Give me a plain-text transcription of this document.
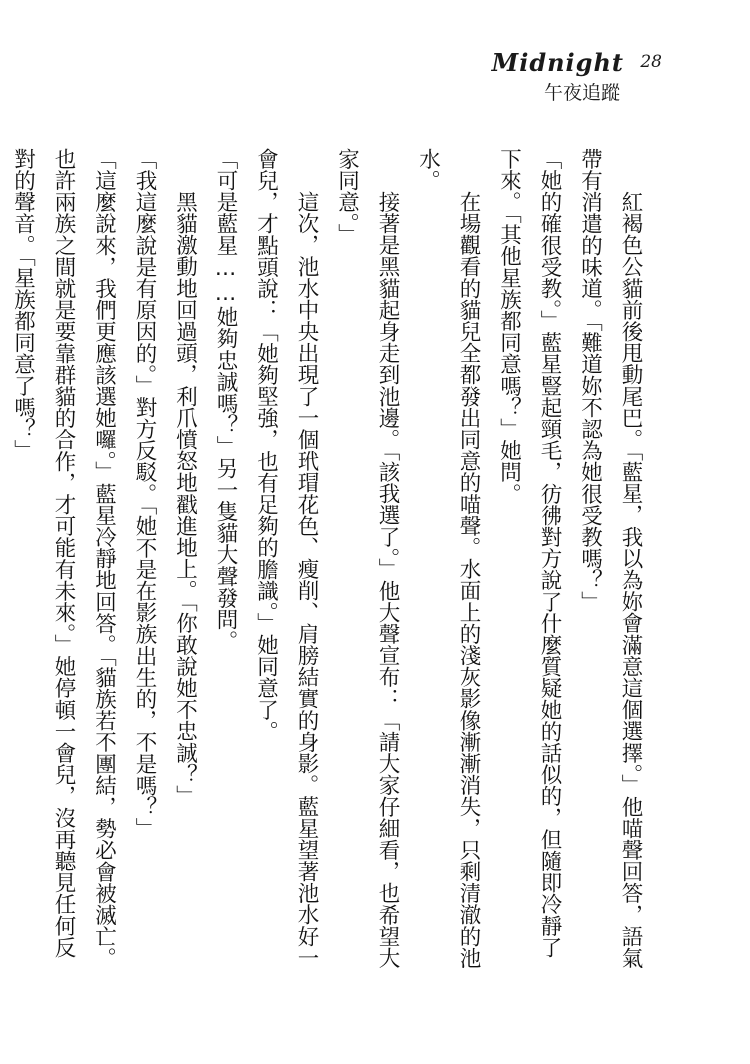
Midnight 28
午夜追蹤

紅褐色公貓前後甩動尾巴。「藍星，我以為妳會滿意這個選擇。」他喵聲回答，語氣帶有消遣的味道。「難道妳不認為她很受教嗎？」

「她的確很受教。」藍星豎起頸毛，彷彿對方說了什麼質疑她的話似的，但隨即冷靜了下來。「其他星族都同意嗎？」她問。

在場觀看的貓兒全都發出同意的喵聲。水面上的淺灰影像漸漸消失，只剩清澈的池水。

接著是黑貓起身走到池邊。「該我選了。」他大聲宣布：「請大家仔細看，也希望大家同意。」

這次，池水中央出現了一個玳瑁花色、瘦削、肩膀結實的身影。藍星望著池水好一會兒，才點頭說：「她夠堅強，也有足夠的膽識。」她同意了。

「可是藍星……她夠忠誠嗎？」另一隻貓大聲發問。

黑貓激動地回過頭，利爪憤怒地戳進地上。「你敢說她不忠誠？」

「我這麼說是有原因的。」對方反駁。「她不是在影族出生的，不是嗎？」

「這麼說來，我們更應該選她囉。」藍星冷靜地回答。「貓族若不團結，勢必會被滅亡。也許兩族之間就是要靠群貓的合作，才可能有未來。」她停頓一會兒，沒再聽見任何反對的聲音。「星族都同意了嗎？」
